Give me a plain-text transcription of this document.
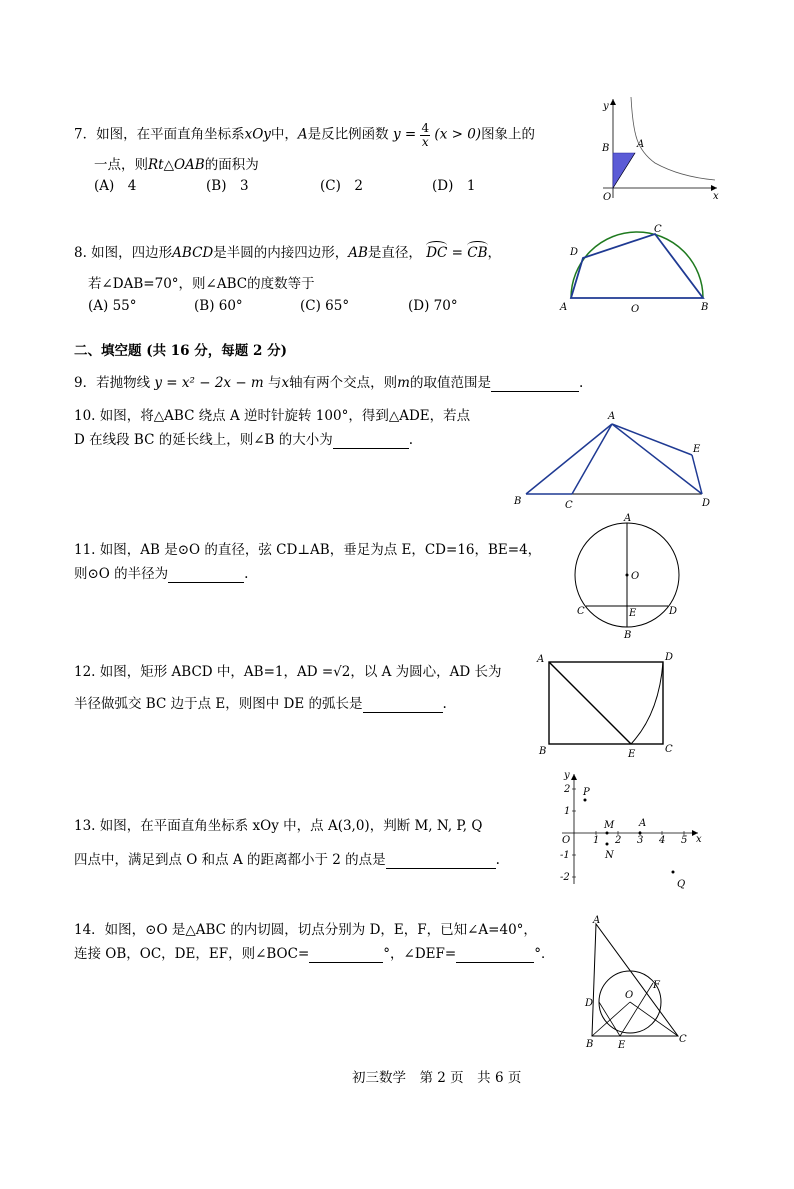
7．如图，在平面直角坐标系xOy中，A是反比例函数 $y = \frac{4}{x} (x > 0)$图象上的
一点，则Rt△OAB的面积为
(A)　4	(B)　3	(C)　2	(D)　1
y
x
O
B	A
8. 如图，四边形ABCD是半圆的内接四边形，AB是直径， DC = CB，
若∠DAB=70°，则∠ABC的度数等于
(A) 55°	(B) 60°	(C) 65°	(D) 70°	A	B
C
D
O
二、填空题 (共 16 分，每题 2 分)
9．若抛物线 y = x² − 2x − m 与x轴有两个交点，则m的取值范围是	.
10. 如图，将△ABC 绕点 A 逆时针旋转 100°，得到△ADE，若点
D 在线段 BC 的延长线上，则∠B 的大小为	.
A
B	C	D
E
11. 如图，AB 是⊙O 的直径，弦 CD⊥AB，垂足为点 E，CD=16，BE=4，
则⊙O 的半径为	.
A
B
C	D
E
O
12. 如图，矩形 ABCD 中，AB=1，AD =√2，以 A 为圆心，AD 长为
半径做弧交 BC 边于点 E，则图中 DE 的弧长是	.
A	D
B	C
E
13. 如图，在平面直角坐标系 xOy 中，点 A(3,0)，判断 M, N, P, Q
四点中，满足到点 O 和点 A 的距离都小于 2 的点是	.
1 2 3 4 5
2
1
-1
-2
y
x
O
P
M
N
A
Q
14．如图，⊙O 是△ABC 的内切圆，切点分别为 D，E，F，已知∠A=40°，
连接 OB，OC，DE，EF，则∠BOC=	°，∠DEF=	°．
A
B	C
D
E
F
O
初三数学　第 2 页　共 6 页
